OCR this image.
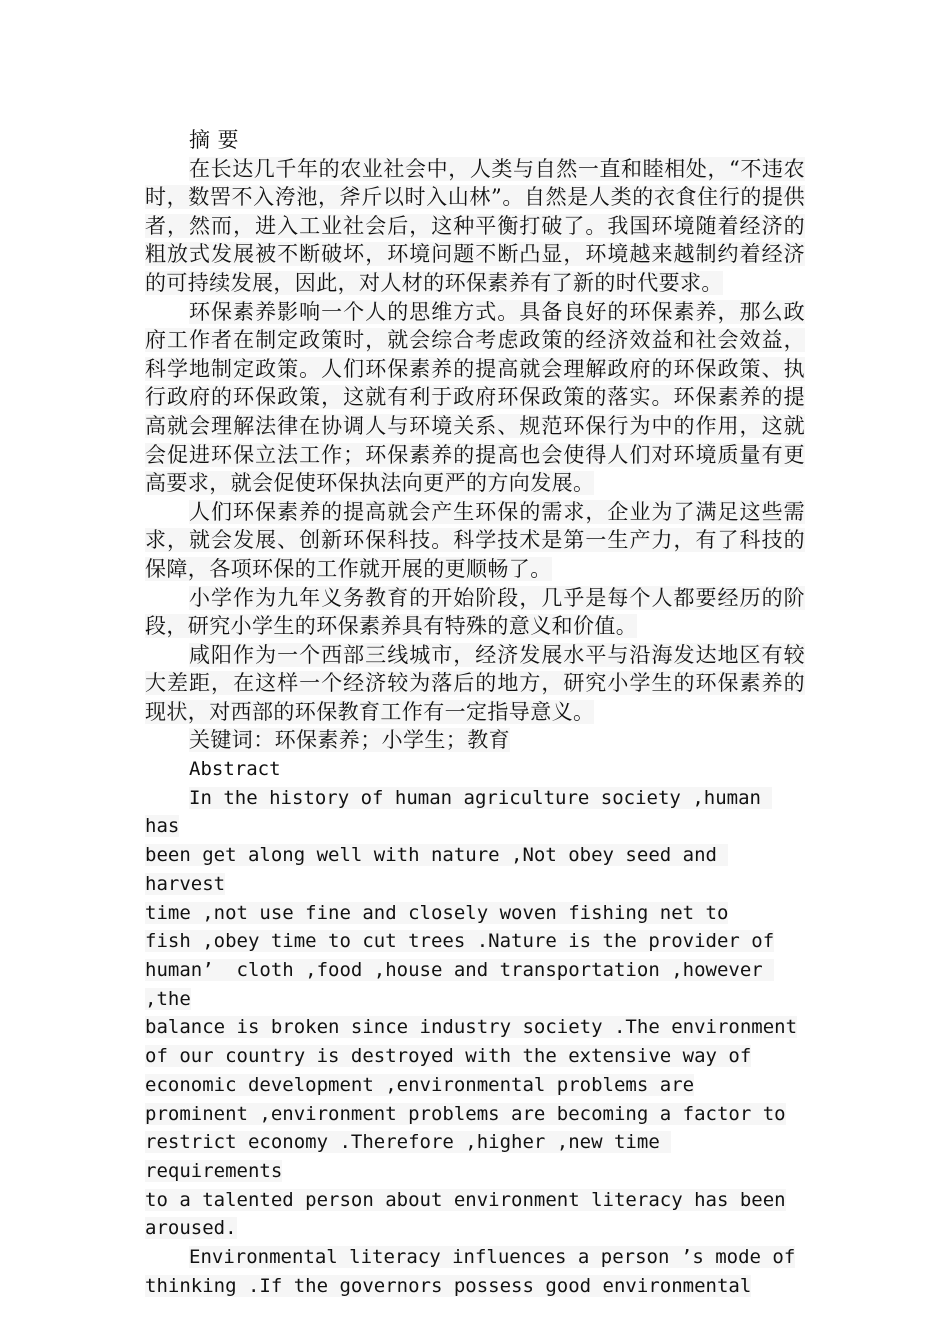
摘 要

在长达几千年的农业社会中，人类与自然一直和睦相处，“不违农时，数罟不入洿池，斧斤以时入山林”。自然是人类的衣食住行的提供者，然而，进入工业社会后，这种平衡打破了。我国环境随着经济的粗放式发展被不断破坏，环境问题不断凸显，环境越来越制约着经济的可持续发展，因此，对人材的环保素养有了新的时代要求。

环保素养影响一个人的思维方式。具备良好的环保素养，那么政府工作者在制定政策时，就会综合考虑政策的经济效益和社会效益，科学地制定政策。人们环保素养的提高就会理解政府的环保政策、执行政府的环保政策，这就有利于政府环保政策的落实。环保素养的提高就会理解法律在协调人与环境关系、规范环保行为中的作用，这就会促进环保立法工作；环保素养的提高也会使得人们对环境质量有更高要求，就会促使环保执法向更严的方向发展。

人们环保素养的提高就会产生环保的需求，企业为了满足这些需求，就会发展、创新环保科技。科学技术是第一生产力，有了科技的保障，各项环保的工作就开展的更顺畅了。

小学作为九年义务教育的开始阶段，几乎是每个人都要经历的阶段，研究小学生的环保素养具有特殊的意义和价值。

咸阳作为一个西部三线城市，经济发展水平与沿海发达地区有较大差距，在这样一个经济较为落后的地方，研究小学生的环保素养的现状，对西部的环保教育工作有一定指导意义。

关键词：环保素养；小学生；教育

Abstract

In the history of human agriculture society ,human has

been get along well with nature ,Not obey seed and harvest

time ,not use fine and closely woven fishing net to

fish ,obey time to cut trees .Nature is the provider of

human’  cloth ,food ,house and transportation ,however ,the

balance is broken since industry society .The environment

of our country is destroyed with the extensive way of

economic development ,environmental problems are

prominent ,environment problems are becoming a factor to

restrict economy .Therefore ,higher ,new time requirements

to a talented person about environment literacy has been

aroused.

Environmental literacy influences a person ’s mode of

thinking .If the governors possess good environmental
